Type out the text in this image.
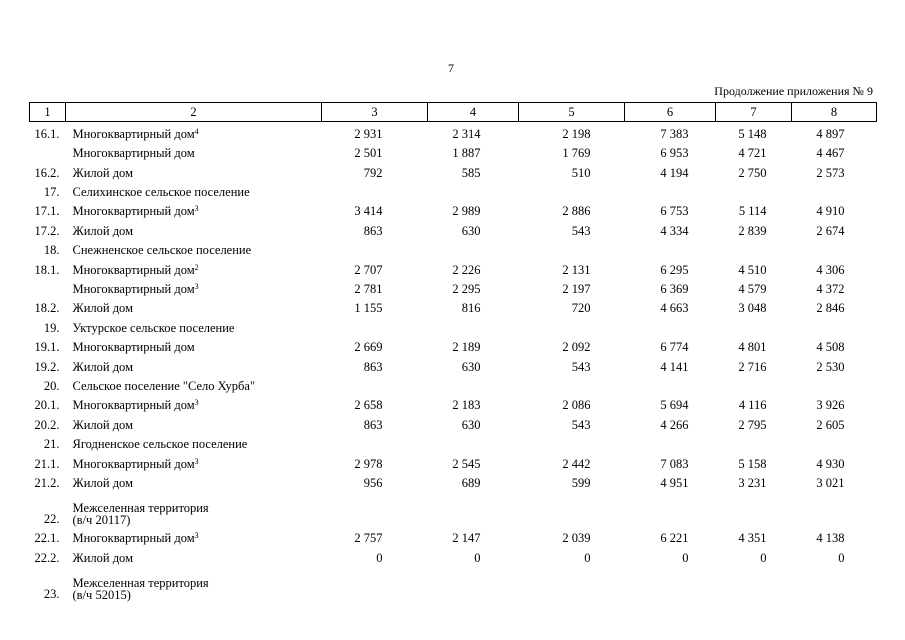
7
Продолжение приложения № 9
1	2	3	4	5	6	7	8
16.1.	Многоквартирный дом$^4$	2 931	2 314	2 198	7 383	5 148	4 897
	Многоквартирный дом	2 501	1 887	1 769	6 953	4 721	4 467
16.2.	Жилой дом	792	585	510	4 194	2 750	2 573
17.	Селихинское сельское поселение						
17.1.	Многоквартирный дом$^3$	3 414	2 989	2 886	6 753	5 114	4 910
17.2.	Жилой дом	863	630	543	4 334	2 839	2 674
18.	Снежненское сельское поселение						
18.1.	Многоквартирный дом$^2$	2 707	2 226	2 131	6 295	4 510	4 306
	Многоквартирный дом$^3$	2 781	2 295	2 197	6 369	4 579	4 372
18.2.	Жилой дом	1 155	816	720	4 663	3 048	2 846
19.	Уктурское сельское поселение						
19.1.	Многоквартирный дом	2 669	2 189	2 092	6 774	4 801	4 508
19.2.	Жилой дом	863	630	543	4 141	2 716	2 530
20.	Сельское поселение "Село Хурба"						
20.1.	Многоквартирный дом$^3$	2 658	2 183	2 086	5 694	4 116	3 926
20.2.	Жилой дом	863	630	543	4 266	2 795	2 605
21.	Ягодненское сельское поселение						
21.1.	Многоквартирный дом$^3$	2 978	2 545	2 442	7 083	5 158	4 930
21.2.	Жилой дом	956	689	599	4 951	3 231	3 021
22.	Межселенная территория
(в/ч 20117)						

22.1.	Многоквартирный дом$^3$	2 757	2 147	2 039	6 221	4 351	4 138
22.2.	Жилой дом	0	0	0	0	0	0
23.	Межселенная территория
(в/ч 52015)						
